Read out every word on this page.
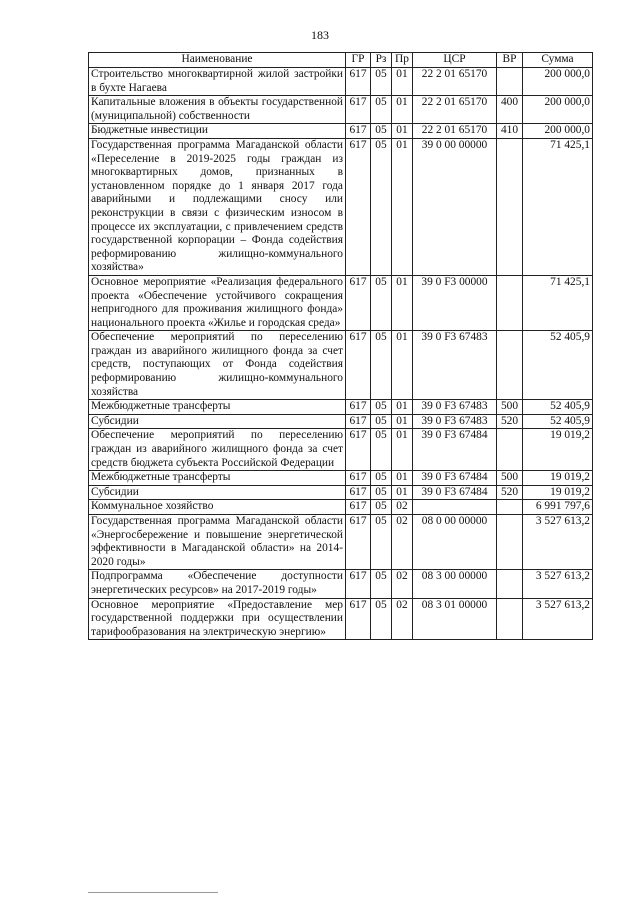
183
Наименование	ГР	Рз	Пр	ЦСР	ВР	Сумма
Строительство многоквартирной жилой застройки в бухте Нагаева	617	05	01	22 2 01 65170		200 000,0
Капитальные вложения в объекты государственной (муниципальной) собственности	617	05	01	22 2 01 65170	400	200 000,0
Бюджетные инвестиции	617	05	01	22 2 01 65170	410	200 000,0
Государственная программа Магаданской области «Переселение в 2019-2025 годы граждан из многоквартирных домов, признанных в установленном порядке до 1 января 2017 года аварийными и подлежащими сносу или реконструкции в связи с физическим износом в процессе их эксплуатации, с привлечением средств государственной корпорации – Фонда содействия реформированию жилищно-коммунального хозяйства»	617	05	01	39 0 00 00000		71 425,1
Основное мероприятие «Реализация федерального проекта «Обеспечение устойчивого сокращения непригодного для проживания жилищного фонда» национального проекта «Жилье и городская среда»	617	05	01	39 0 F3 00000		71 425,1
Обеспечение мероприятий по переселению граждан из аварийного жилищного фонда за счет средств, поступающих от Фонда содействия реформированию жилищно-коммунального хозяйства	617	05	01	39 0 F3 67483		52 405,9
Межбюджетные трансферты	617	05	01	39 0 F3 67483	500	52 405,9
Субсидии	617	05	01	39 0 F3 67483	520	52 405,9
Обеспечение мероприятий по переселению граждан из аварийного жилищного фонда за счет средств бюджета субъекта Российской Федерации	617	05	01	39 0 F3 67484		19 019,2
Межбюджетные трансферты	617	05	01	39 0 F3 67484	500	19 019,2
Субсидии	617	05	01	39 0 F3 67484	520	19 019,2
Коммунальное хозяйство	617	05	02			6 991 797,6
Государственная программа Магаданской области «Энергосбережение и повышение энергетической эффективности в Магаданской области» на 2014-2020 годы»	617	05	02	08 0 00 00000		3 527 613,2
Подпрограмма «Обеспечение доступности энергетических ресурсов» на 2017-2019 годы»	617	05	02	08 3 00 00000		3 527 613,2
Основное мероприятие «Предоставление мер государственной поддержки при осуществлении тарифообразования на электрическую энергию»	617	05	02	08 3 01 00000		3 527 613,2
